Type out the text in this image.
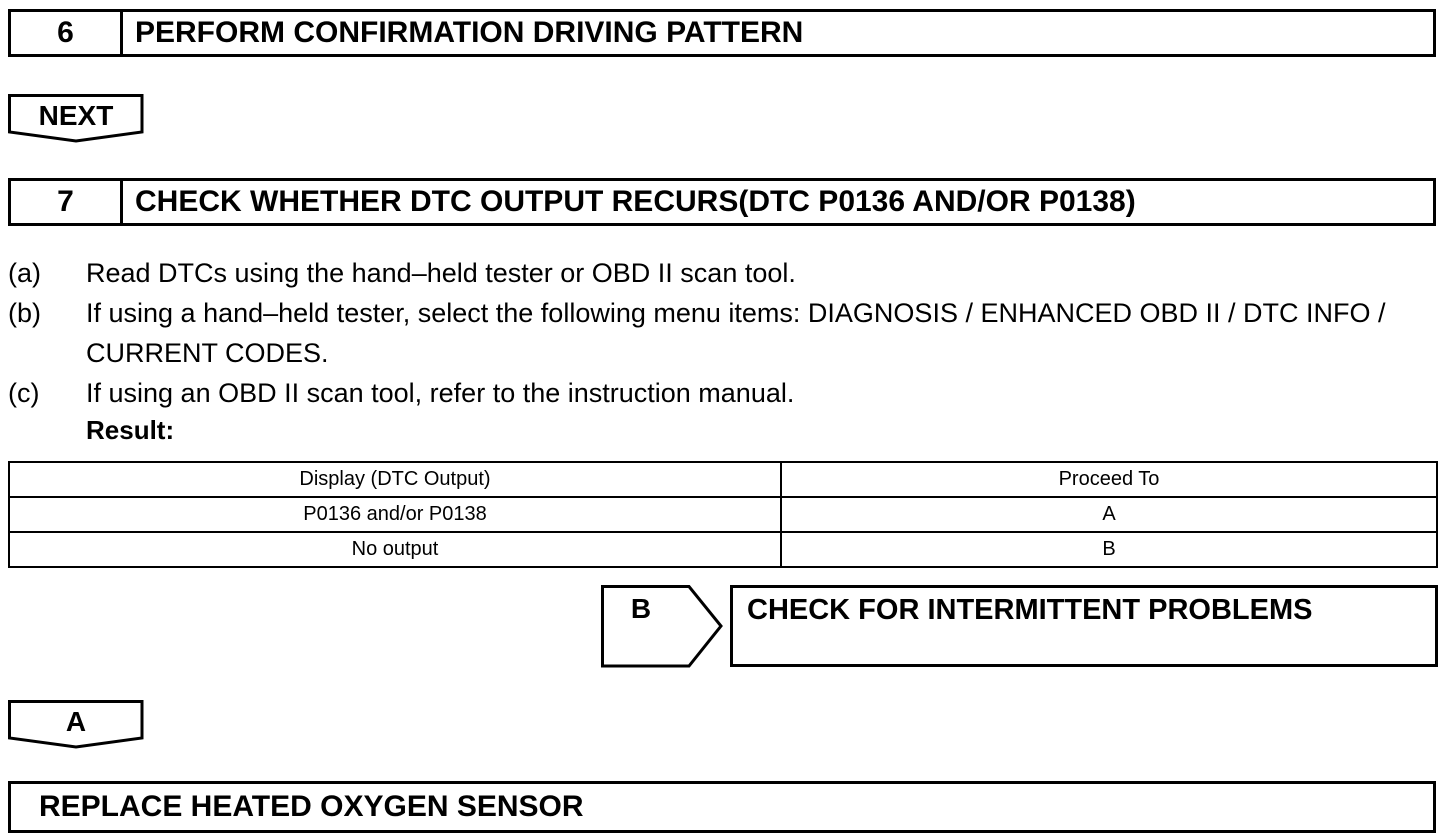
6	PERFORM CONFIRMATION DRIVING PATTERN
NEXT
7	CHECK WHETHER DTC OUTPUT RECURS(DTC P0136 AND/OR P0138)
(a) Read DTCs using the hand–held tester or OBD II scan tool.
(b) If using a hand–held tester, select the following menu items: DIAGNOSIS / ENHANCED OBD II / DTC INFO / CURRENT CODES.
(c) If using an OBD II scan tool, refer to the instruction manual.
Result:
Display (DTC Output)	Proceed To
P0136 and/or P0138	A
No output	B
B	CHECK FOR INTERMITTENT PROBLEMS
A
REPLACE HEATED OXYGEN SENSOR
